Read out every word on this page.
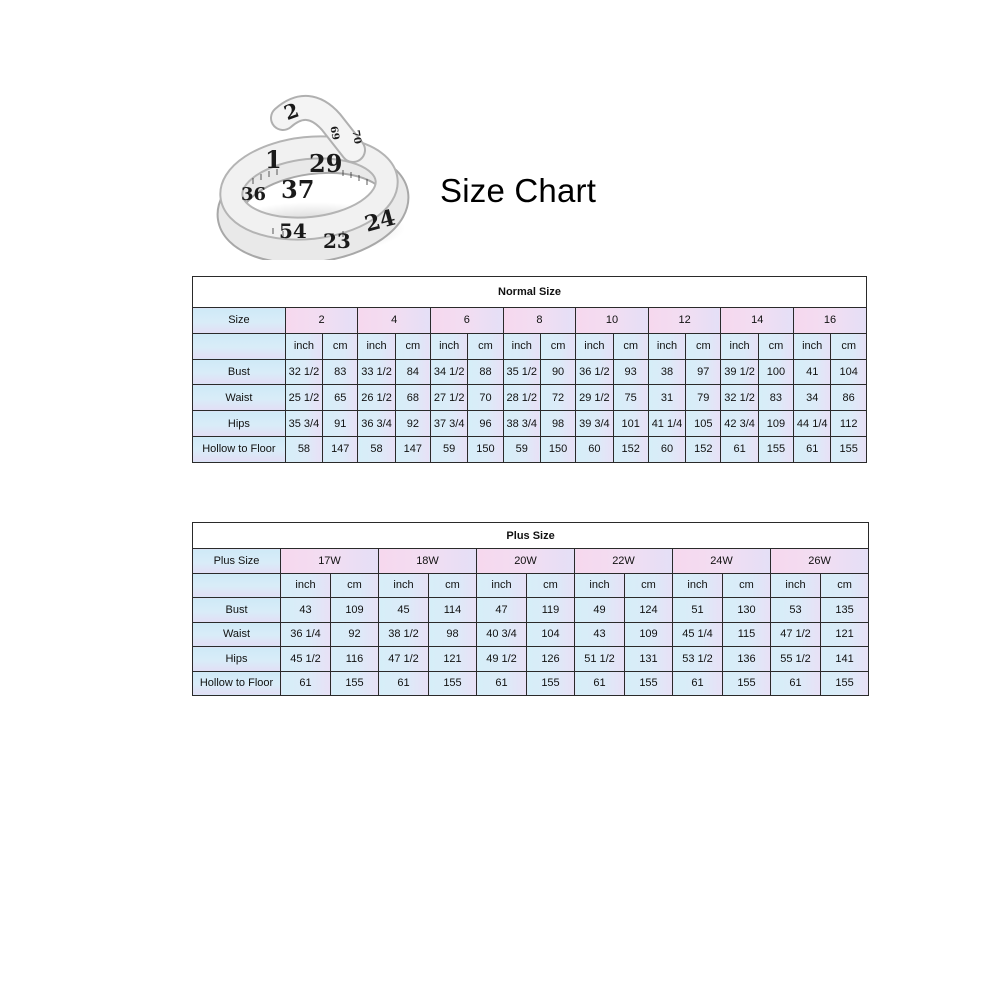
2
1 29
37
36
54 23
24
69 70
Size Chart
Normal Size																
Size	2		4		6		8		10		12		14		16	
	inch	cm	inch	cm	inch	cm	inch	cm	inch	cm	inch	cm	inch	cm	inch	cm
Bust	32 1/2	83	33 1/2	84	34 1/2	88	35 1/2	90	36 1/2	93	38	97	39 1/2	100	41	104
Waist	25 1/2	65	26 1/2	68	27 1/2	70	28 1/2	72	29 1/2	75	31	79	32 1/2	83	34	86
Hips	35 3/4	91	36 3/4	92	37 3/4	96	38 3/4	98	39 3/4	101	41 1/4	105	42 3/4	109	44 1/4	112
Hollow to Floor	58	147	58	147	59	150	59	150	60	152	60	152	61	155	61	155
Plus Size												
Plus Size	17W		18W		20W		22W		24W		26W	
	inch	cm	inch	cm	inch	cm	inch	cm	inch	cm	inch	cm
Bust	43	109	45	114	47	119	49	124	51	130	53	135
Waist	36 1/4	92	38 1/2	98	40 3/4	104	43	109	45 1/4	115	47 1/2	121
Hips	45 1/2	116	47 1/2	121	49 1/2	126	51 1/2	131	53 1/2	136	55 1/2	141
Hollow to Floor	61	155	61	155	61	155	61	155	61	155	61	155
